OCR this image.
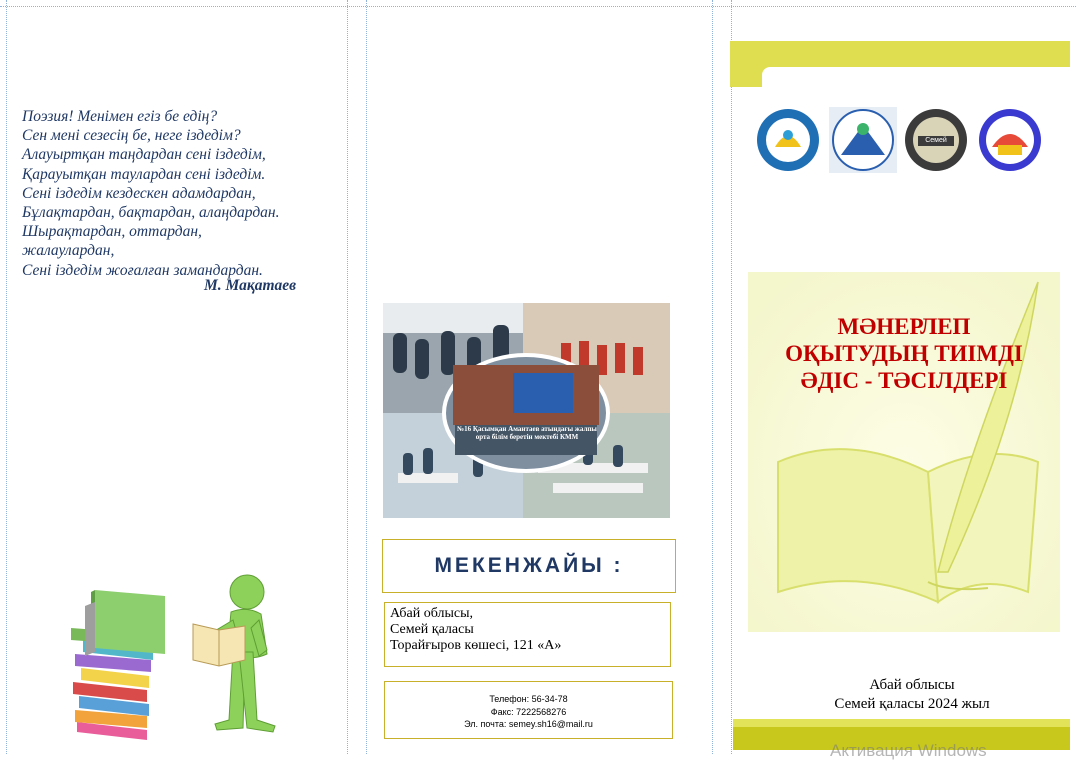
Поэзия! Менімен егіз бе едің?
Сен мені сезесің бе, неге іздедім?
Алауыртқан таңдардан сені іздедім,
Қарауытқан таулардан сені іздедім.
Сені іздедім кездескен адамдардан,
Бұлақтардан, бақтардан, алаңдардан.
Шырақтардан, оттардан,
жалаулардан,
Сені іздедім жоғалған замандардан.
М. Мақатаев
№16 Қасымқан Амантаев атындағы жалпы орта білім беретін мектебі КММ
МЕКЕНЖАЙЫ :
Абай облысы,
Семей қаласы
Торайғыров көшесі, 121 «А»
Телефон: 56-34-78
Факс: 7222568276
Эл. почта: semey.sh16@mail.ru
Семей
МӘНЕРЛЕП
ОҚЫТУДЫҢ ТИІМДІ
ӘДІС - ТӘСІЛДЕРІ
Абай облысы
Семей қаласы 2024 жыл
Активация Windows
